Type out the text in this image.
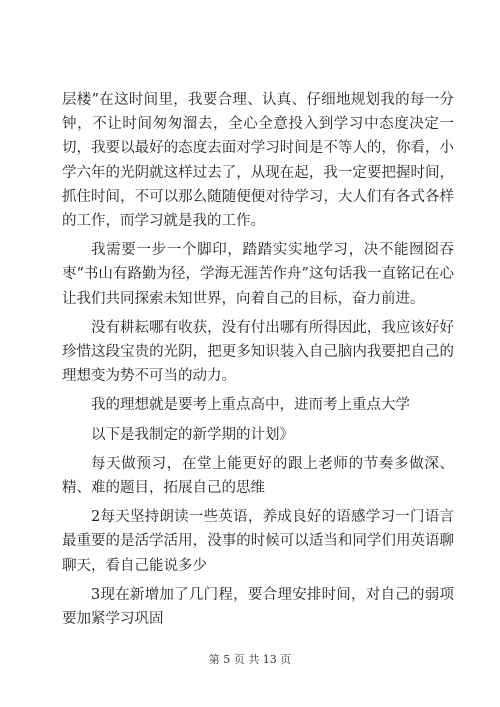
层楼”在这时间里，我要合理、认真、仔细地规划我的每一分钟，不让时间匆匆溜去，全心全意投入到学习中态度决定一切，我要以最好的态度去面对学习时间是不等人的，你看，小学六年的光阴就这样过去了，从现在起，我一定要把握时间，抓住时间，不可以那么随随便便对待学习，大人们有各式各样的工作，而学习就是我的工作。

我需要一步一个脚印，踏踏实实地学习，决不能囫囵吞枣“书山有路勤为径，学海无涯苦作舟”这句话我一直铭记在心让我们共同探索未知世界，向着自己的目标，奋力前进。

没有耕耘哪有收获，没有付出哪有所得因此，我应该好好珍惜这段宝贵的光阴，把更多知识装入自己脑内我要把自己的理想变为势不可当的动力。

我的理想就是要考上重点高中，进而考上重点大学

以下是我制定的新学期的计划》

每天做预习，在堂上能更好的跟上老师的节奏多做深、精、难的题目，拓展自己的思维

2每天坚持朗读一些英语，养成良好的语感学习一门语言最重要的是活学活用，没事的时候可以适当和同学们用英语聊聊天，看自己能说多少

3现在新增加了几门程，要合理安排时间，对自己的弱项要加紧学习巩固

第 5 页 共 13 页
